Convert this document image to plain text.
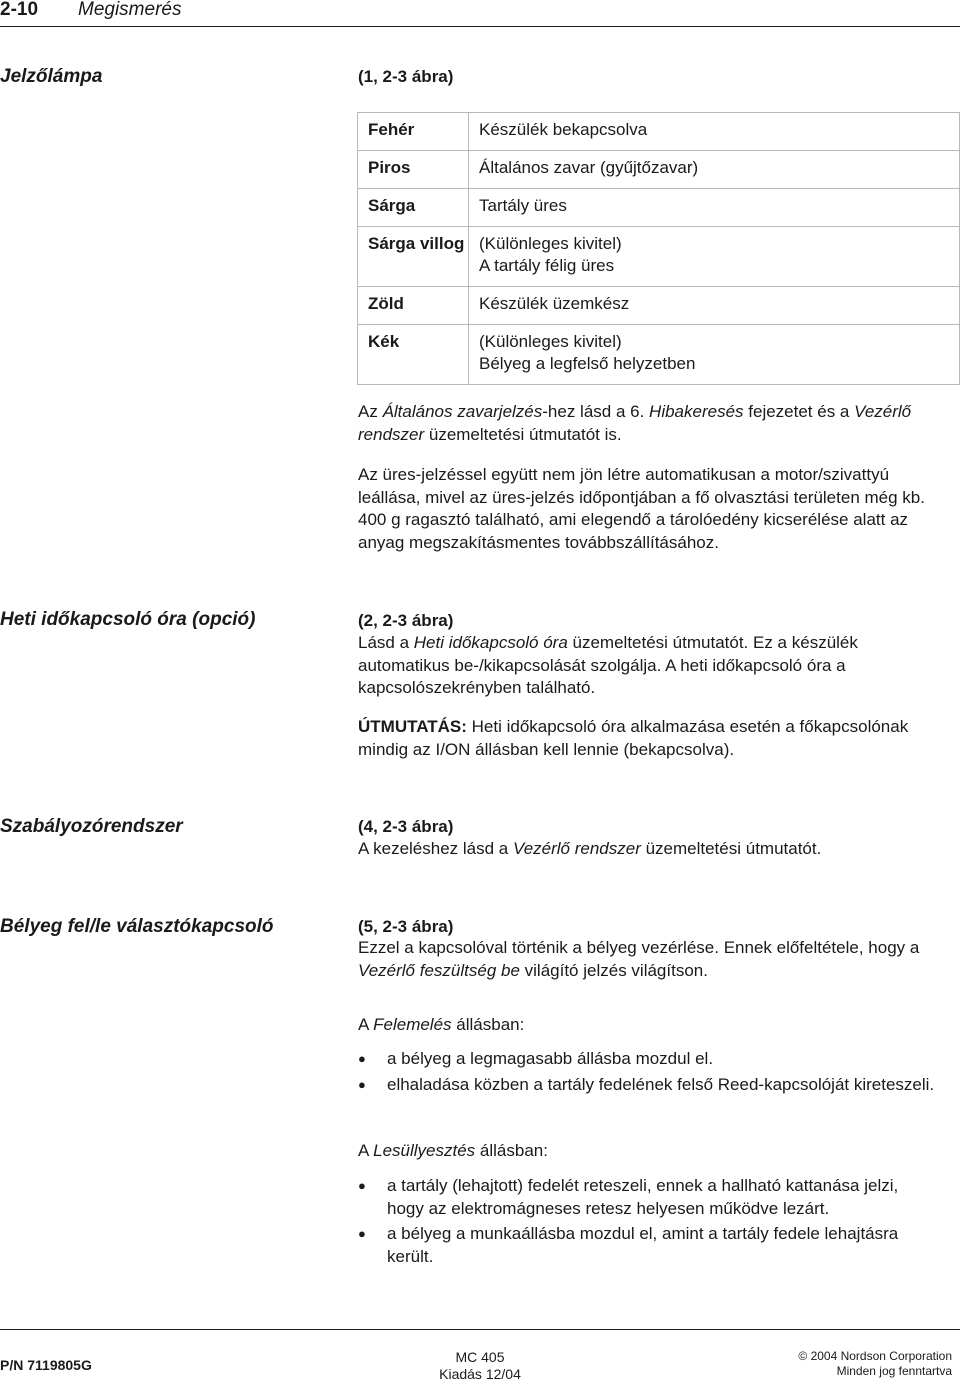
2-10 Megismerés
Jelzőlámpa	(1, 2-3 ábra)
Fehér	Készülék bekapcsolva
Piros	Általános zavar (gyűjtőzavar)
Sárga	Tartály üres
Sárga villog	(Különleges kivitel)
A tartály félig üres
Zöld	Készülék üzemkész
Kék	(Különleges kivitel)
Bélyeg a legfelső helyzetben
Az Általános zavarjelzés-hez lásd a 6. Hibakeresés fejezetet és a Vezérlő rendszer üzemeltetési útmutatót is.
Az üres-jelzéssel együtt nem jön létre automatikusan a motor/szivattyú leállása, mivel az üres-jelzés időpontjában a fő olvasztási területen még kb. 400 g ragasztó található, ami elegendő a tárolóedény kicserélése alatt az anyag megszakításmentes továbbszállításához.
Heti időkapcsoló óra (opció)	(2, 2-3 ábra)
Lásd a Heti időkapcsoló óra üzemeltetési útmutatót. Ez a készülék automatikus be-/kikapcsolását szolgálja. A heti időkapcsoló óra a kapcsolószekrényben található.
ÚTMUTATÁS: Heti időkapcsoló óra alkalmazása esetén a főkapcsolónak mindig az I/ON állásban kell lennie (bekapcsolva).
Szabályozórendszer	(4, 2-3 ábra)
A kezeléshez lásd a Vezérlő rendszer üzemeltetési útmutatót.
Bélyeg fel/le választókapcsoló	(5, 2-3 ábra)
Ezzel a kapcsolóval történik a bélyeg vezérlése. Ennek előfeltétele, hogy a Vezérlő feszültség be világító jelzés világítson.
A Felemelés állásban:
● a bélyeg a legmagasabb állásba mozdul el.
● elhaladása közben a tartály fedelének felső Reed-kapcsolóját kireteszeli.
A Lesüllyesztés állásban:
● a tartály (lehajtott) fedelét reteszeli, ennek a hallható kattanása jelzi, hogy az elektromágneses retesz helyesen működve lezárt.
● a bélyeg a munkaállásba mozdul el, amint a tartály fedele lehajtásra került.
P/N 7119805G	MC 405
Kiadás 12/04
© 2004 Nordson Corporation
Minden jog fenntartva
